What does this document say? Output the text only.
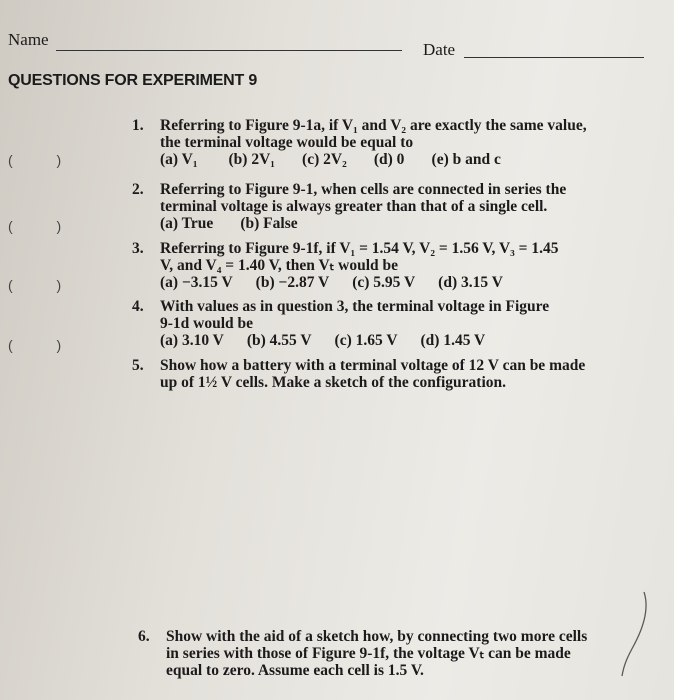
Name
Date
QUESTIONS FOR EXPERIMENT 9
( )
( )
( )
( )
1. Referring to Figure 9-1a, if V₁ and V₂ are exactly the same value,
the terminal voltage would be equal to
(a) V₁        (b) 2V₁       (c) 2V₂       (d) 0       (e) b and c
2. Referring to Figure 9-1, when cells are connected in series the
terminal voltage is always greater than that of a single cell.
(a) True       (b) False
3. Referring to Figure 9-1f, if V₁ = 1.54 V, V₂ = 1.56 V, V₃ = 1.45
V, and V₄ = 1.40 V, then Vₜ would be
(a) −3.15 V      (b) −2.87 V      (c) 5.95 V      (d) 3.15 V
4. With values as in question 3, the terminal voltage in Figure
9-1d would be
(a) 3.10 V      (b) 4.55 V      (c) 1.65 V      (d) 1.45 V
5. Show how a battery with a terminal voltage of 12 V can be made
up of 1½ V cells. Make a sketch of the configuration.
6. Show with the aid of a sketch how, by connecting two more cells
in series with those of Figure 9-1f, the voltage Vₜ can be made
equal to zero. Assume each cell is 1.5 V.
